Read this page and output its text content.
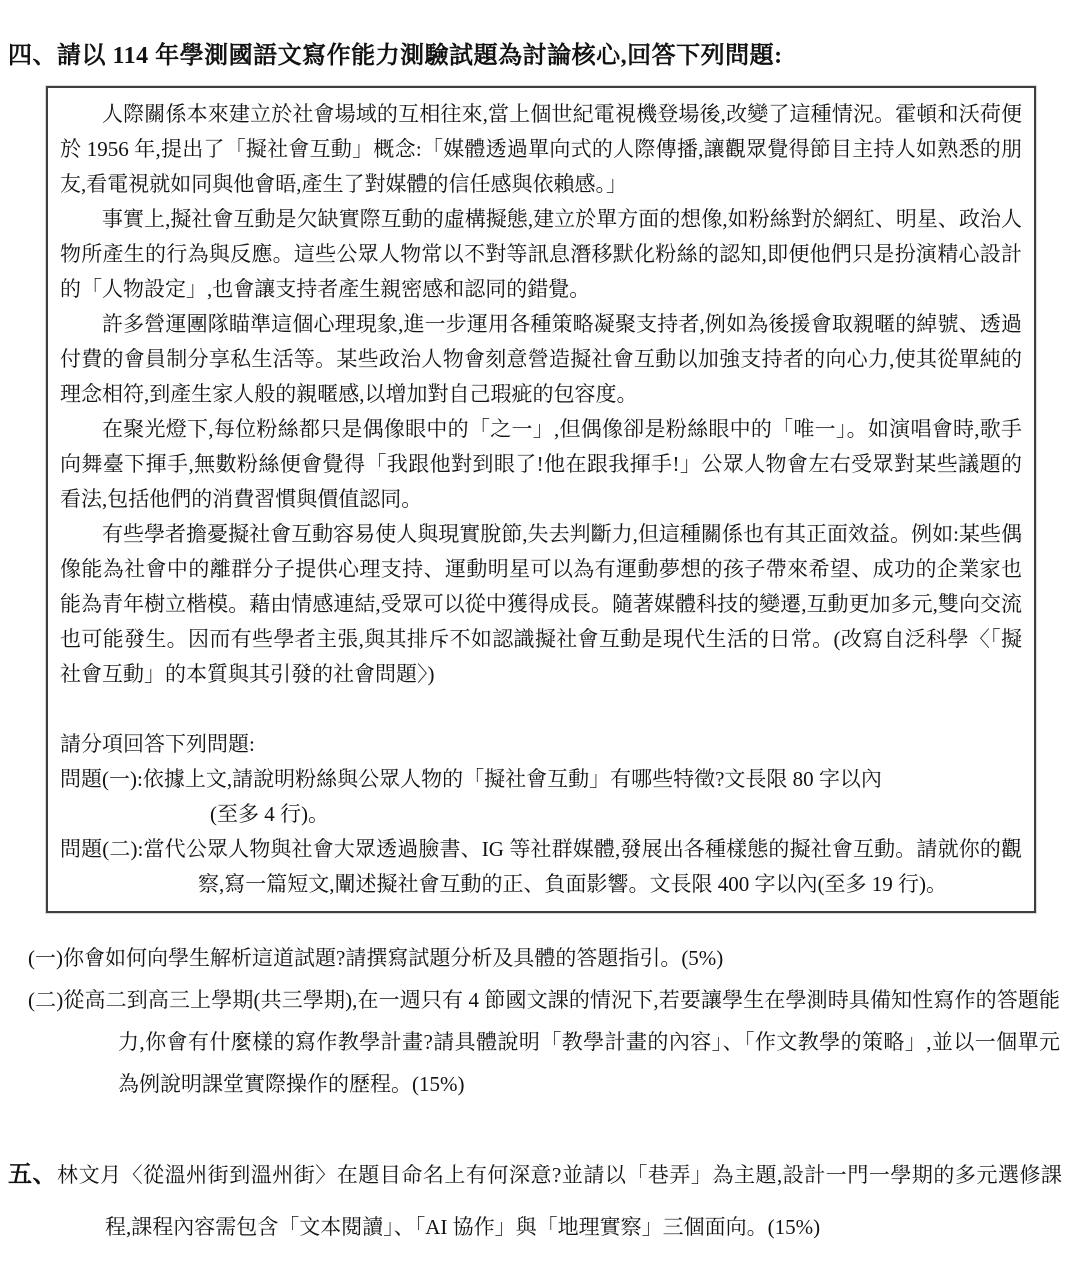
四、請以 114 年學測國語文寫作能力測驗試題為討論核心,回答下列問題:

人際關係本來建立於社會場域的互相往來,當上個世紀電視機登場後,改變了這種情況。霍頓和沃荷便於 1956 年,提出了「擬社會互動」概念:「媒體透過單向式的人際傳播,讓觀眾覺得節目主持人如熟悉的朋友,看電視就如同與他會晤,產生了對媒體的信任感與依賴感。」

事實上,擬社會互動是欠缺實際互動的虛構擬態,建立於單方面的想像,如粉絲對於網紅、明星、政治人物所產生的行為與反應。這些公眾人物常以不對等訊息潛移默化粉絲的認知,即便他們只是扮演精心設計的「人物設定」,也會讓支持者產生親密感和認同的錯覺。

許多營運團隊瞄準這個心理現象,進一步運用各種策略凝聚支持者,例如為後援會取親暱的綽號、透過付費的會員制分享私生活等。某些政治人物會刻意營造擬社會互動以加強支持者的向心力,使其從單純的理念相符,到產生家人般的親暱感,以增加對自己瑕疵的包容度。

在聚光燈下,每位粉絲都只是偶像眼中的「之一」,但偶像卻是粉絲眼中的「唯一」。如演唱會時,歌手向舞臺下揮手,無數粉絲便會覺得「我跟他對到眼了!他在跟我揮手!」公眾人物會左右受眾對某些議題的看法,包括他們的消費習慣與價值認同。

有些學者擔憂擬社會互動容易使人與現實脫節,失去判斷力,但這種關係也有其正面效益。例如:某些偶像能為社會中的離群分子提供心理支持、運動明星可以為有運動夢想的孩子帶來希望、成功的企業家也能為青年樹立楷模。藉由情感連結,受眾可以從中獲得成長。隨著媒體科技的變遷,互動更加多元,雙向交流也可能發生。因而有些學者主張,與其排斥不如認識擬社會互動是現代生活的日常。(改寫自泛科學〈「擬社會互動」的本質與其引發的社會問題〉)

請分項回答下列問題:
問題(一):依據上文,請說明粉絲與公眾人物的「擬社會互動」有哪些特徵?文長限 80 字以內
(至多 4 行)。
問題(二):當代公眾人物與社會大眾透過臉書、IG 等社群媒體,發展出各種樣態的擬社會互動。請就你的觀察,寫一篇短文,闡述擬社會互動的正、負面影響。文長限 400 字以內(至多 19 行)。
(一)你會如何向學生解析這道試題?請撰寫試題分析及具體的答題指引。(5%)
(二)從高二到高三上學期(共三學期),在一週只有 4 節國文課的情況下,若要讓學生在學測時具備知性寫作的答題能力,你會有什麼樣的寫作教學計畫?請具體說明「教學計畫的內容」、「作文教學的策略」,並以一個單元為例說明課堂實際操作的歷程。(15%)
五、林文月〈從溫州街到溫州街〉在題目命名上有何深意?並請以「巷弄」為主題,設計一門一學期的多元選修課程,課程內容需包含「文本閱讀」、「AI 協作」與「地理實察」三個面向。(15%)
